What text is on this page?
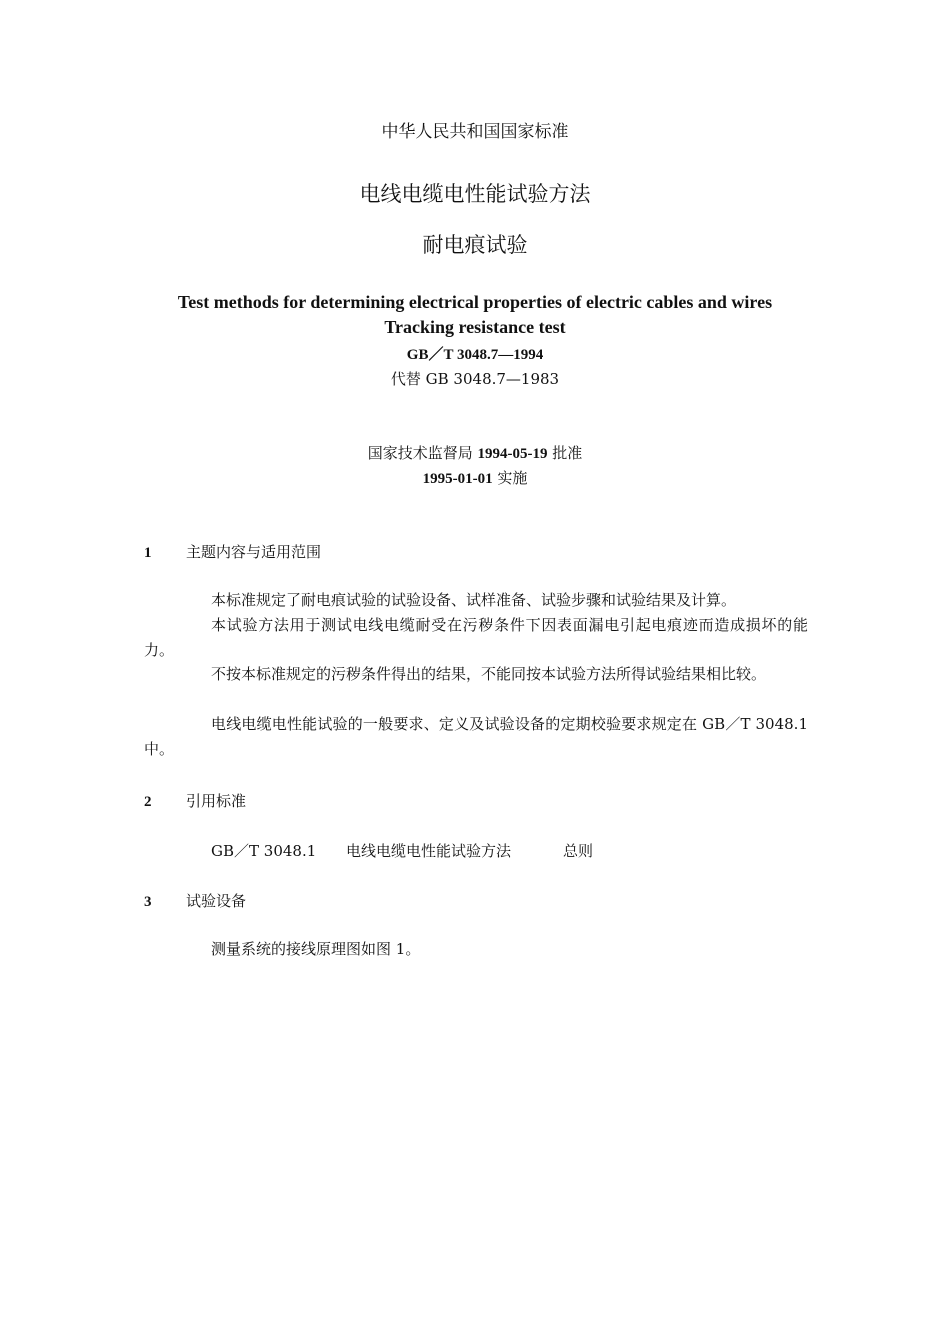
中华人民共和国国家标准
电线电缆电性能试验方法
耐电痕试验
Test methods for determining electrical properties of electric cables and wires
Tracking resistance test
GB／T 3048.7—1994
代替 GB 3048.7—1983
国家技术监督局 1994-05-19 批准
1995-01-01 实施
1 主题内容与适用范围

本标准规定了耐电痕试验的试验设备、试样准备、试验步骤和试验结果及计算。

本试验方法用于测试电线电缆耐受在污秽条件下因表面漏电引起电痕迹而造成损坏的能力。

不按本标准规定的污秽条件得出的结果，不能同按本试验方法所得试验结果相比较。

电线电缆电性能试验的一般要求、定义及试验设备的定期校验要求规定在 GB／T 3048.1 中。

2 引用标准
GB／T 3048.1 电线电缆电性能试验方法	总则
3 试验设备

测量系统的接线原理图如图 1。
